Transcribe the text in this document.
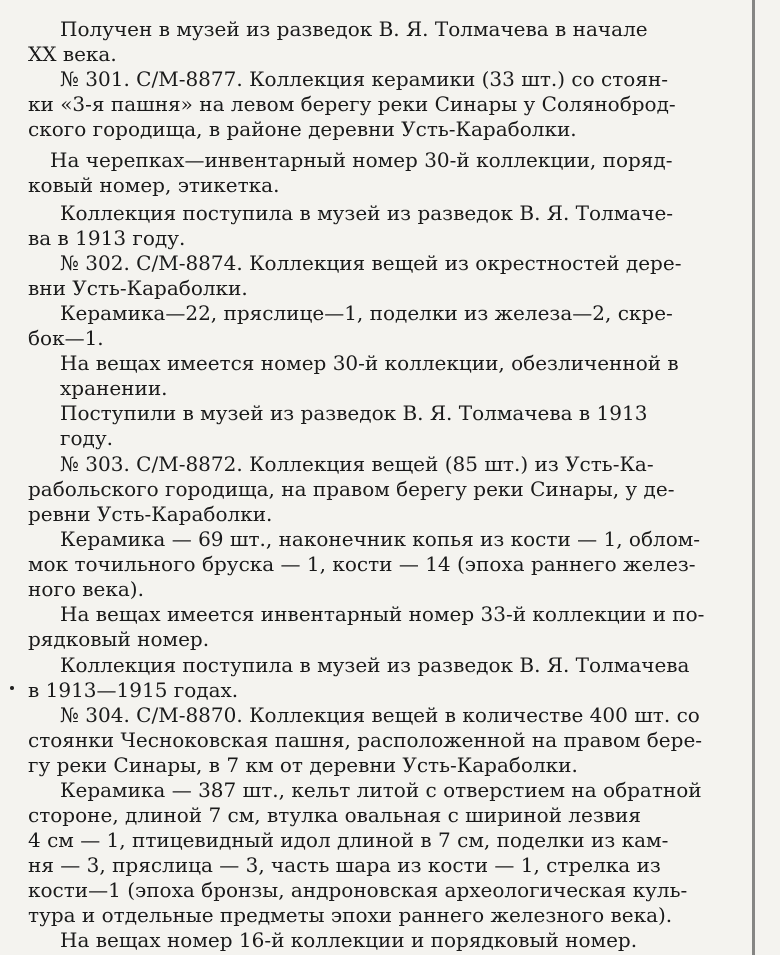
Получен в музей из разведок В. Я. Толмачева в начале
XX века.
№ 301. С/М-8877. Коллекция керамики (33 шт.) со стоян-
ки «3-я пашня» на левом берегу реки Синары у Соляноброд-
ского городища, в районе деревни Усть-Караболки.
На черепках—инвентарный номер 30-й коллекции, поряд-
ковый номер, этикетка.
Коллекция поступила в музей из разведок В. Я. Толмаче-
ва в 1913 году.
№ 302. С/М-8874. Коллекция вещей из окрестностей дере-
вни Усть-Караболки.
Керамика—22, пряслице—1, поделки из железа—2, скре-
бок—1.
На вещах имеется номер 30-й коллекции, обезличенной в
хранении.
Поступили в музей из разведок В. Я. Толмачева в 1913
году.
№ 303. С/М-8872. Коллекция вещей (85 шт.) из Усть-Ка-
рабольского городища, на правом берегу реки Синары, у де-
ревни Усть-Караболки.
Керамика — 69 шт., наконечник копья из кости — 1, облом-
мок точильного бруска — 1, кости — 14 (эпоха раннего желез-
ного века).
На вещах имеется инвентарный номер 33-й коллекции и по-
рядковый номер.
Коллекция поступила в музей из разведок В. Я. Толмачева
в 1913—1915 годах.
№ 304. С/М-8870. Коллекция вещей в количестве 400 шт. со
стоянки Чесноковская пашня, расположенной на правом бере-
гу реки Синары, в 7 км от деревни Усть-Караболки.
Керамика — 387 шт., кельт литой с отверстием на обратной
стороне, длиной 7 см, втулка овальная с шириной лезвия
4 см — 1, птицевидный идол длиной в 7 см, поделки из кам-
ня — 3, пряслица — 3, часть шара из кости — 1, стрелка из
кости—1 (эпоха бронзы, андроновская археологическая куль-
тура и отдельные предметы эпохи раннего железного века).
На вещах номер 16-й коллекции и порядковый номер.
